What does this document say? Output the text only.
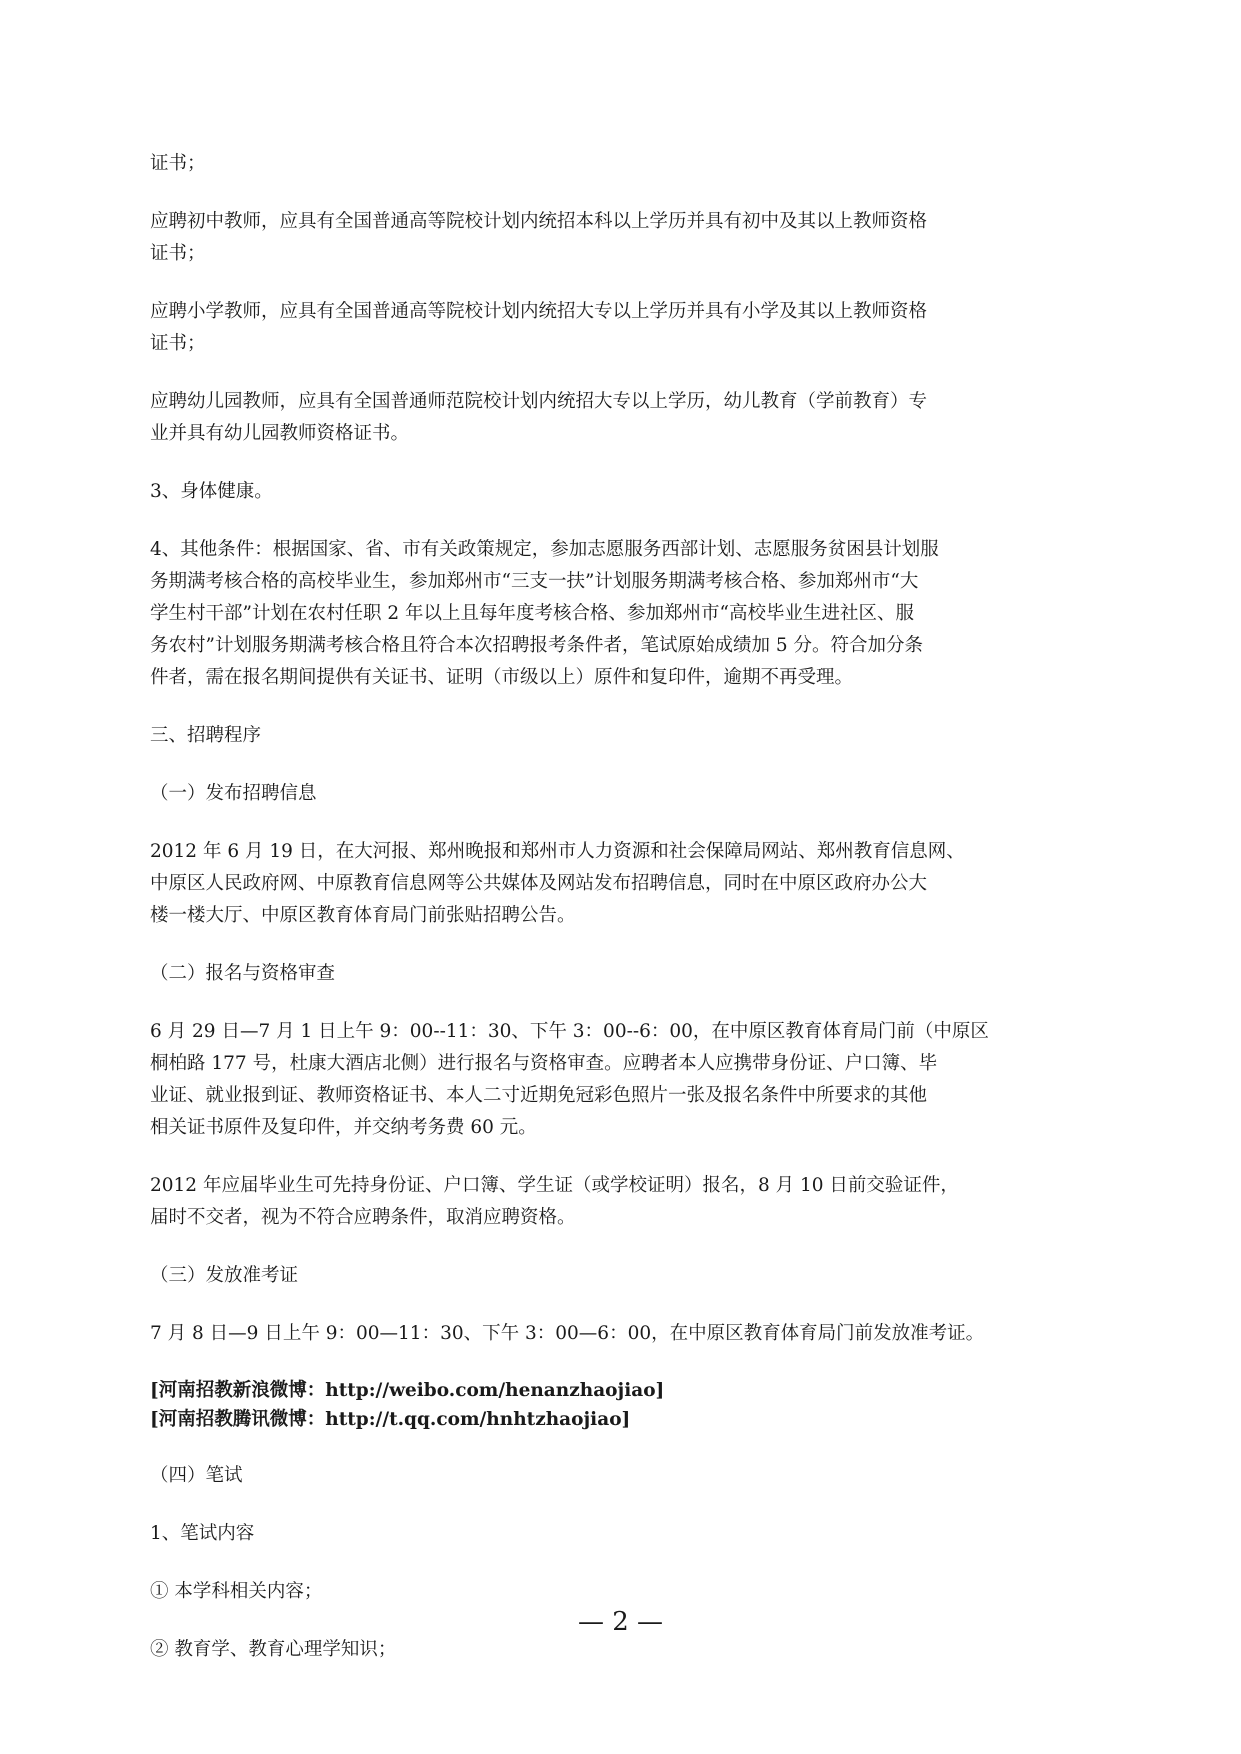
证书；

应聘初中教师，应具有全国普通高等院校计划内统招本科以上学历并具有初中及其以上教师资格
证书；

应聘小学教师，应具有全国普通高等院校计划内统招大专以上学历并具有小学及其以上教师资格
证书；

应聘幼儿园教师，应具有全国普通师范院校计划内统招大专以上学历，幼儿教育（学前教育）专
业并具有幼儿园教师资格证书。

3、身体健康。

4、其他条件：根据国家、省、市有关政策规定，参加志愿服务西部计划、志愿服务贫困县计划服
务期满考核合格的高校毕业生，参加郑州市“三支一扶”计划服务期满考核合格、参加郑州市“大
学生村干部”计划在农村任职 2 年以上且每年度考核合格、参加郑州市“高校毕业生进社区、服
务农村”计划服务期满考核合格且符合本次招聘报考条件者，笔试原始成绩加 5 分。符合加分条
件者，需在报名期间提供有关证书、证明（市级以上）原件和复印件，逾期不再受理。

三、招聘程序

（一）发布招聘信息

2012 年 6 月 19 日，在大河报、郑州晚报和郑州市人力资源和社会保障局网站、郑州教育信息网、
中原区人民政府网、中原教育信息网等公共媒体及网站发布招聘信息，同时在中原区政府办公大
楼一楼大厅、中原区教育体育局门前张贴招聘公告。

（二）报名与资格审查

6 月 29 日—7 月 1 日上午 9：00--11：30、下午 3：00--6：00，在中原区教育体育局门前（中原区
桐柏路 177 号，杜康大酒店北侧）进行报名与资格审查。应聘者本人应携带身份证、户口簿、毕
业证、就业报到证、教师资格证书、本人二寸近期免冠彩色照片一张及报名条件中所要求的其他
相关证书原件及复印件，并交纳考务费 60 元。

2012 年应届毕业生可先持身份证、户口簿、学生证（或学校证明）报名，8 月 10 日前交验证件，
届时不交者，视为不符合应聘条件，取消应聘资格。

（三）发放准考证

7 月 8 日—9 日上午 9：00—11：30、下午 3：00—6：00，在中原区教育体育局门前发放准考证。

[河南招教新浪微博：http://weibo.com/henanzhaojiao]
[河南招教腾讯微博：http://t.qq.com/hnhtzhaojiao]

（四）笔试

1、笔试内容

① 本学科相关内容；

② 教育学、教育心理学知识；

— 2 —
